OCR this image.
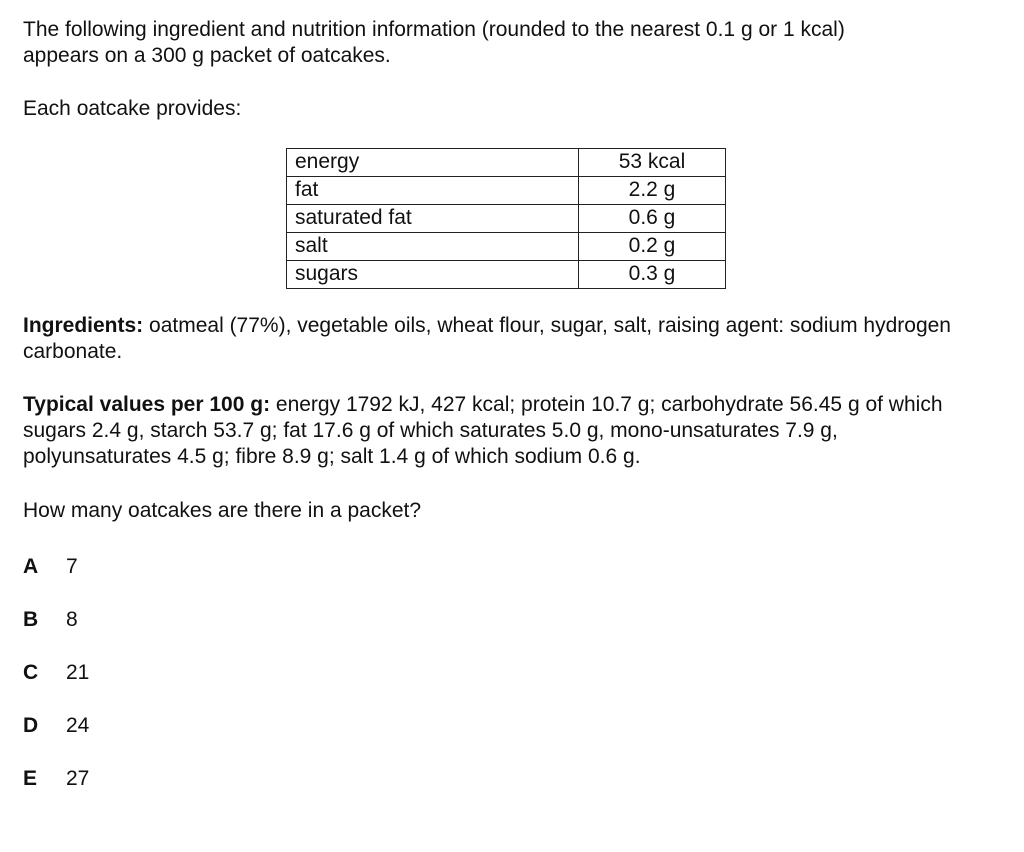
The following ingredient and nutrition information (rounded to the nearest 0.1 g or 1 kcal)

appears on a 300 g packet of oatcakes.

Each oatcake provides:

energy	53 kcal
fat	2.2 g
saturated fat	0.6 g
salt	0.2 g
sugars	0.3 g

Ingredients: oatmeal (77%), vegetable oils, wheat flour, sugar, salt, raising agent: sodium hydrogen carbonate.

Typical values per 100 g: energy 1792 kJ, 427 kcal; protein 10.7 g; carbohydrate 56.45 g of which sugars 2.4 g, starch 53.7 g; fat 17.6 g of which saturates 5.0 g, mono-unsaturates 7.9 g, polyunsaturates 4.5 g; fibre 8.9 g; salt 1.4 g of which sodium 0.6 g.

How many oatcakes are there in a packet?

A	7
B	8
C	21
D	24
E	27
